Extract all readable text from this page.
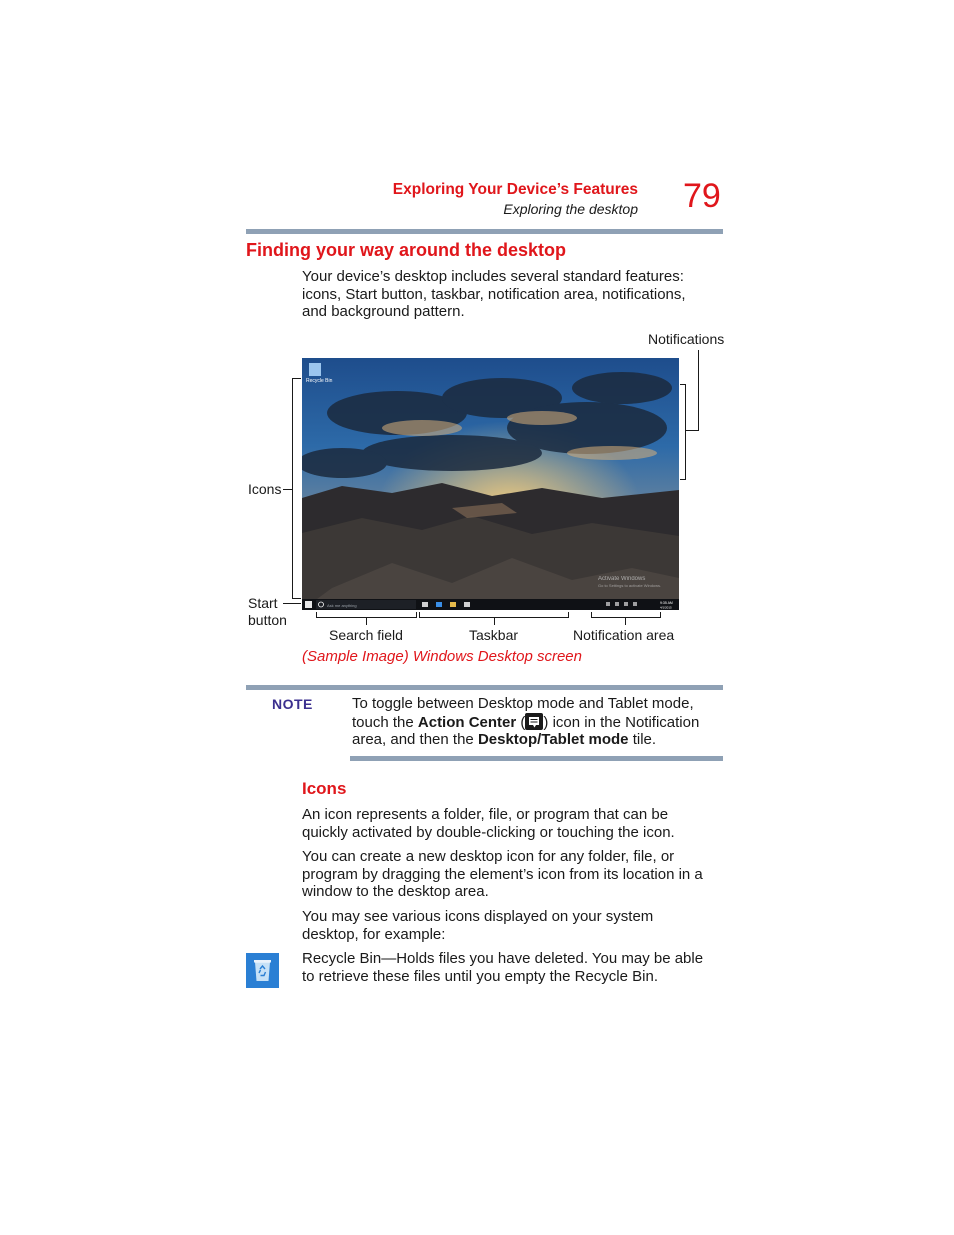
Exploring Your Device’s Features
Exploring the desktop 79
Finding your way around the desktop
Your device’s desktop includes several standard features:
icons, Start button, taskbar, notification area, notifications,
and background pattern.
Recycle Bin
Activate Windows
Go to Settings to activate Windows.
Ask me anything	9:35 AM
4/1/2015
Notifications
Icons
Start
button
Search field	Taskbar	Notification area
(Sample Image) Windows Desktop screen
NOTE	To toggle between Desktop mode and Tablet mode,
touch the Action Center ( ) icon in the Notification
area, and then the Desktop/Tablet mode tile.
Icons
An icon represents a folder, file, or program that can be
quickly activated by double-clicking or touching the icon.
You can create a new desktop icon for any folder, file, or
program by dragging the element’s icon from its location in a
window to the desktop area.
You may see various icons displayed on your system
desktop, for example:
Recycle Bin—Holds files you have deleted. You may be able
to retrieve these files until you empty the Recycle Bin.
